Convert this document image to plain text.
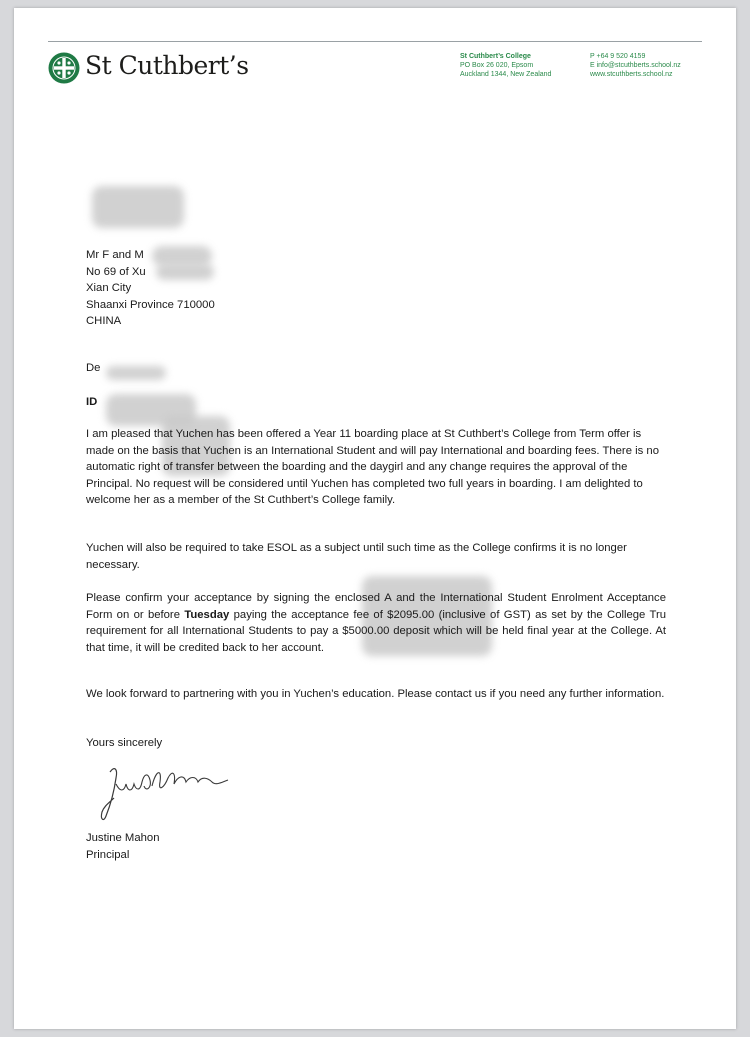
St Cuthbert’s	St Cuthbert’s College
PO Box 26 020, Epsom
Auckland 1344, New Zealand
P +64 9 520 4159
E info@stcuthberts.school.nz
www.stcuthberts.school.nz
Mr F and M
No 69 of Xu
Xian City
Shaanxi Province 710000
CHINA
De
ID
I am pleased that Yuchen has been offered a Year 11 boarding place at St Cuthbert’s College from Term offer is made on the basis that Yuchen is an International Student and will pay International and boarding fees. There is no automatic right of transfer between the boarding and the daygirl and any change requires the approval of the Principal. No request will be considered until Yuchen has completed two full years in boarding. I am delighted to welcome her as a member of the St Cuthbert’s College family.
Yuchen will also be required to take ESOL as a subject until such time as the College confirms it is no longer necessary.
Please confirm your acceptance by signing the enclosed A and the International Student Enrolment Acceptance Form on or before Tuesday paying the acceptance fee of $2095.00 (inclusive of GST) as set by the College Tru requirement for all International Students to pay a $5000.00 deposit which will be held final year at the College. At that time, it will be credited back to her account.
We look forward to partnering with you in Yuchen’s education. Please contact us if you need any further information.
Yours sincerely
Justine Mahon
Principal
